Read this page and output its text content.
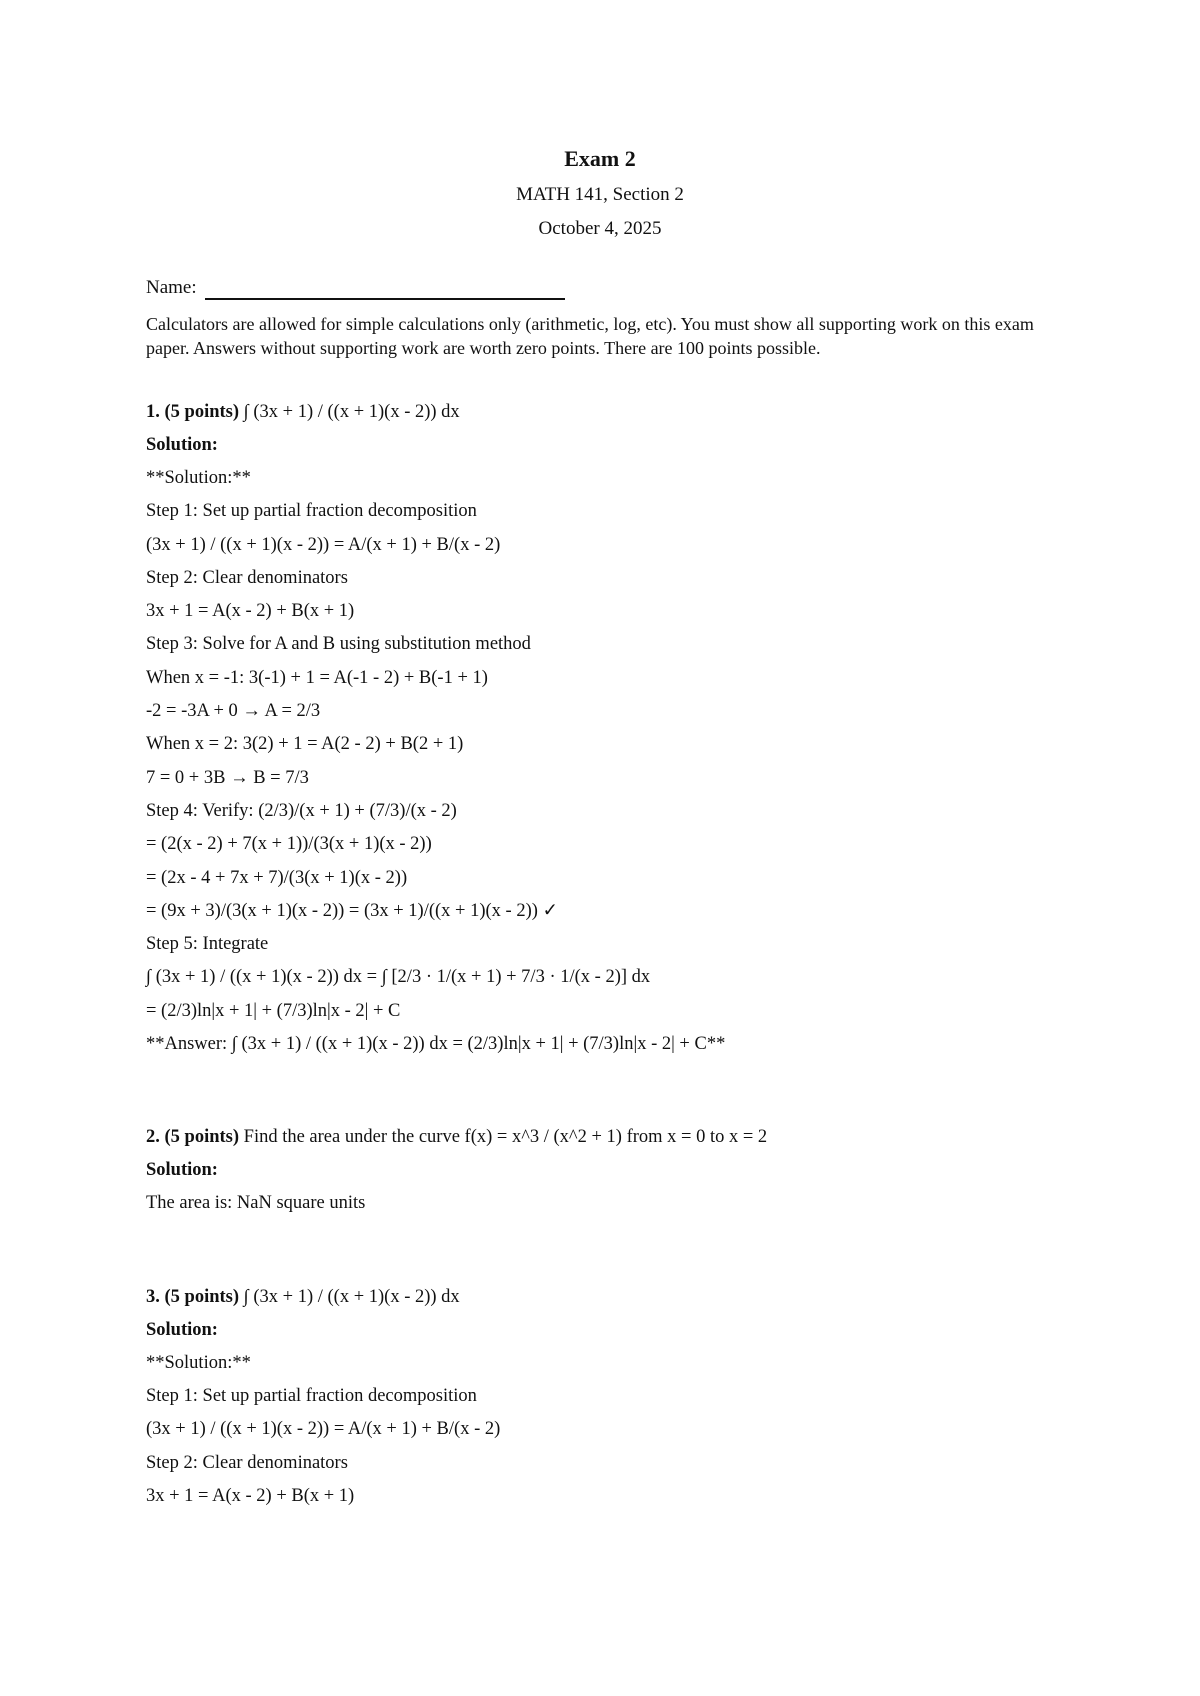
Exam 2
MATH 141, Section 2
October 4, 2025
Name:
Calculators are allowed for simple calculations only (arithmetic, log, etc). You must show all supporting work on this exam paper. Answers without supporting work are worth zero points. There are 100 points possible.
1. (5 points) ∫ (3x + 1) / ((x + 1)(x - 2)) dx
Solution:
**Solution:**
Step 1: Set up partial fraction decomposition
(3x + 1) / ((x + 1)(x - 2)) = A/(x + 1) + B/(x - 2)
Step 2: Clear denominators
3x + 1 = A(x - 2) + B(x + 1)
Step 3: Solve for A and B using substitution method
When x = -1: 3(-1) + 1 = A(-1 - 2) + B(-1 + 1)
-2 = -3A + 0 → A = 2/3
When x = 2: 3(2) + 1 = A(2 - 2) + B(2 + 1)
7 = 0 + 3B → B = 7/3
Step 4: Verify: (2/3)/(x + 1) + (7/3)/(x - 2)
= (2(x - 2) + 7(x + 1))/(3(x + 1)(x - 2))
= (2x - 4 + 7x + 7)/(3(x + 1)(x - 2))
= (9x + 3)/(3(x + 1)(x - 2)) = (3x + 1)/((x + 1)(x - 2)) ✓
Step 5: Integrate
∫ (3x + 1) / ((x + 1)(x - 2)) dx = ∫ [2/3 · 1/(x + 1) + 7/3 · 1/(x - 2)] dx
= (2/3)ln|x + 1| + (7/3)ln|x - 2| + C
**Answer: ∫ (3x + 1) / ((x + 1)(x - 2)) dx = (2/3)ln|x + 1| + (7/3)ln|x - 2| + C**
2. (5 points) Find the area under the curve f(x) = x^3 / (x^2 + 1) from x = 0 to x = 2
Solution:
The area is: NaN square units
3. (5 points) ∫ (3x + 1) / ((x + 1)(x - 2)) dx
Solution:
**Solution:**
Step 1: Set up partial fraction decomposition
(3x + 1) / ((x + 1)(x - 2)) = A/(x + 1) + B/(x - 2)
Step 2: Clear denominators
3x + 1 = A(x - 2) + B(x + 1)
